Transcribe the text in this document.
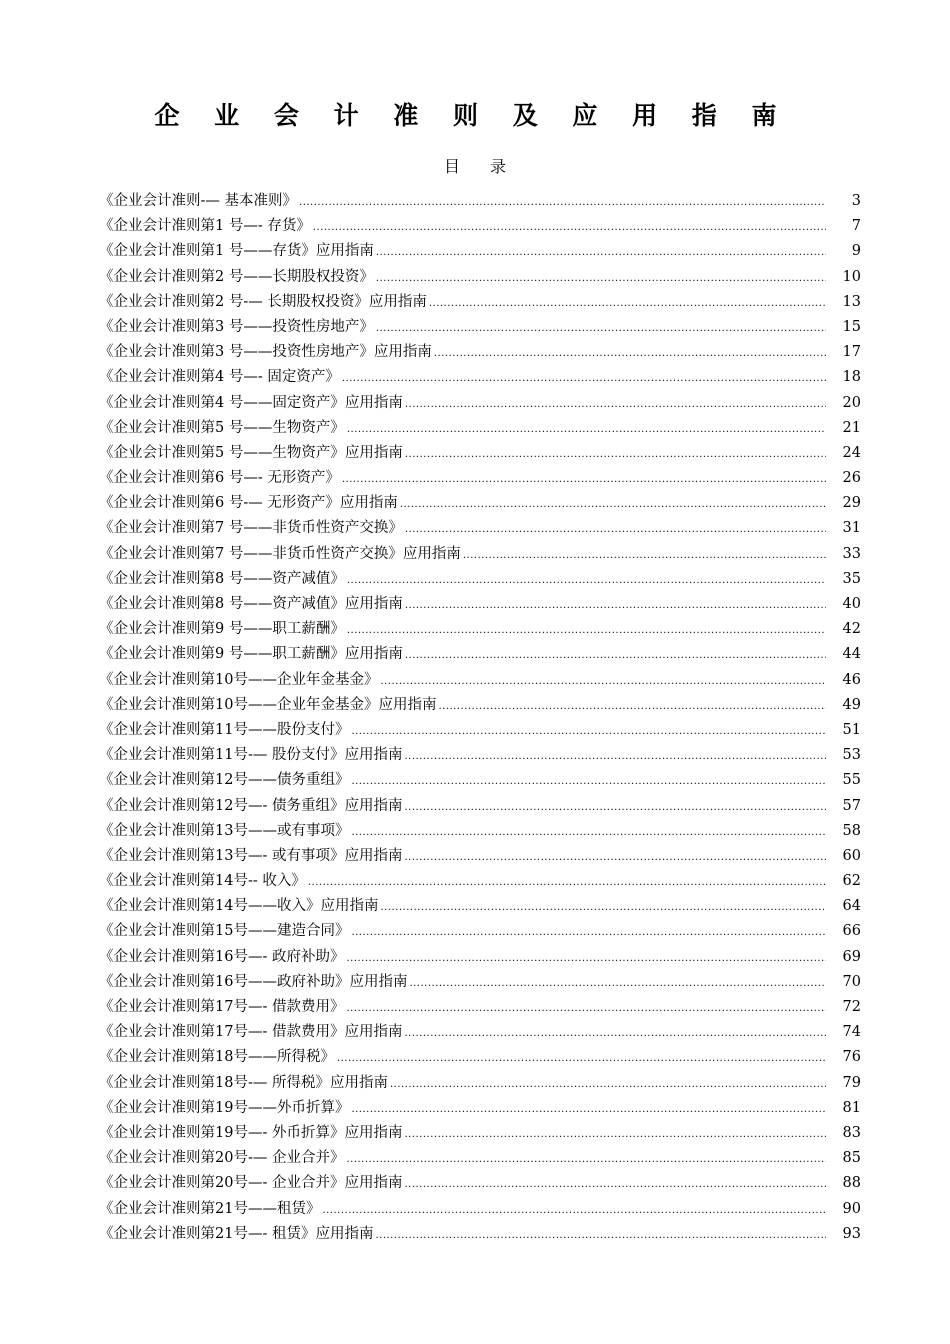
企 业 会 计 准 则 及 应 用 指 南
目录
《企业会计准则-— 基本准则》 .....	3
《企业会计准则第1 号—- 存货》 .....	7
《企业会计准则第1 号——存货》应用指南 .....	9
《企业会计准则第2 号——长期股权投资》 .....	10
《企业会计准则第2 号-— 长期股权投资》应用指南 .....	13
《企业会计准则第3 号——投资性房地产》 .....	15
《企业会计准则第3 号——投资性房地产》应用指南 .....	17
《企业会计准则第4 号—- 固定资产》 .....	18
《企业会计准则第4 号——固定资产》应用指南 .....	20
《企业会计准则第5 号——生物资产》 .....	21
《企业会计准则第5 号——生物资产》应用指南 .....	24
《企业会计准则第6 号—- 无形资产》 .....	26
《企业会计准则第6 号-— 无形资产》应用指南 .....	29
《企业会计准则第7 号——非货币性资产交换》 .....	31
《企业会计准则第7 号——非货币性资产交换》应用指南 .....	33
《企业会计准则第8 号——资产减值》 .....	35
《企业会计准则第8 号——资产减值》应用指南 .....	40
《企业会计准则第9 号——职工薪酬》 .....	42
《企业会计准则第9 号——职工薪酬》应用指南 .....	44
《企业会计准则第10号——企业年金基金》 .....	46
《企业会计准则第10号——企业年金基金》应用指南 .....	49
《企业会计准则第11号——股份支付》 .....	51
《企业会计准则第11号-— 股份支付》应用指南 .....	53
《企业会计准则第12号——债务重组》 .....	55
《企业会计准则第12号—- 债务重组》应用指南 .....	57
《企业会计准则第13号——或有事项》 .....	58
《企业会计准则第13号—- 或有事项》应用指南 .....	60
《企业会计准则第14号-- 收入》 .....	62
《企业会计准则第14号——收入》应用指南 .....	64
《企业会计准则第15号——建造合同》 .....	66
《企业会计准则第16号—- 政府补助》 .....	69
《企业会计准则第16号——政府补助》应用指南 .....	70
《企业会计准则第17号—- 借款费用》 .....	72
《企业会计准则第17号—- 借款费用》应用指南 .....	74
《企业会计准则第18号——所得税》 .....	76
《企业会计准则第18号-— 所得税》应用指南 .....	79
《企业会计准则第19号——外币折算》 .....	81
《企业会计准则第19号—- 外币折算》应用指南 .....	83
《企业会计准则第20号-— 企业合并》 .....	85
《企业会计准则第20号—- 企业合并》应用指南 .....	88
《企业会计准则第21号——租赁》 .....	90
《企业会计准则第21号—- 租赁》应用指南 .....	93
